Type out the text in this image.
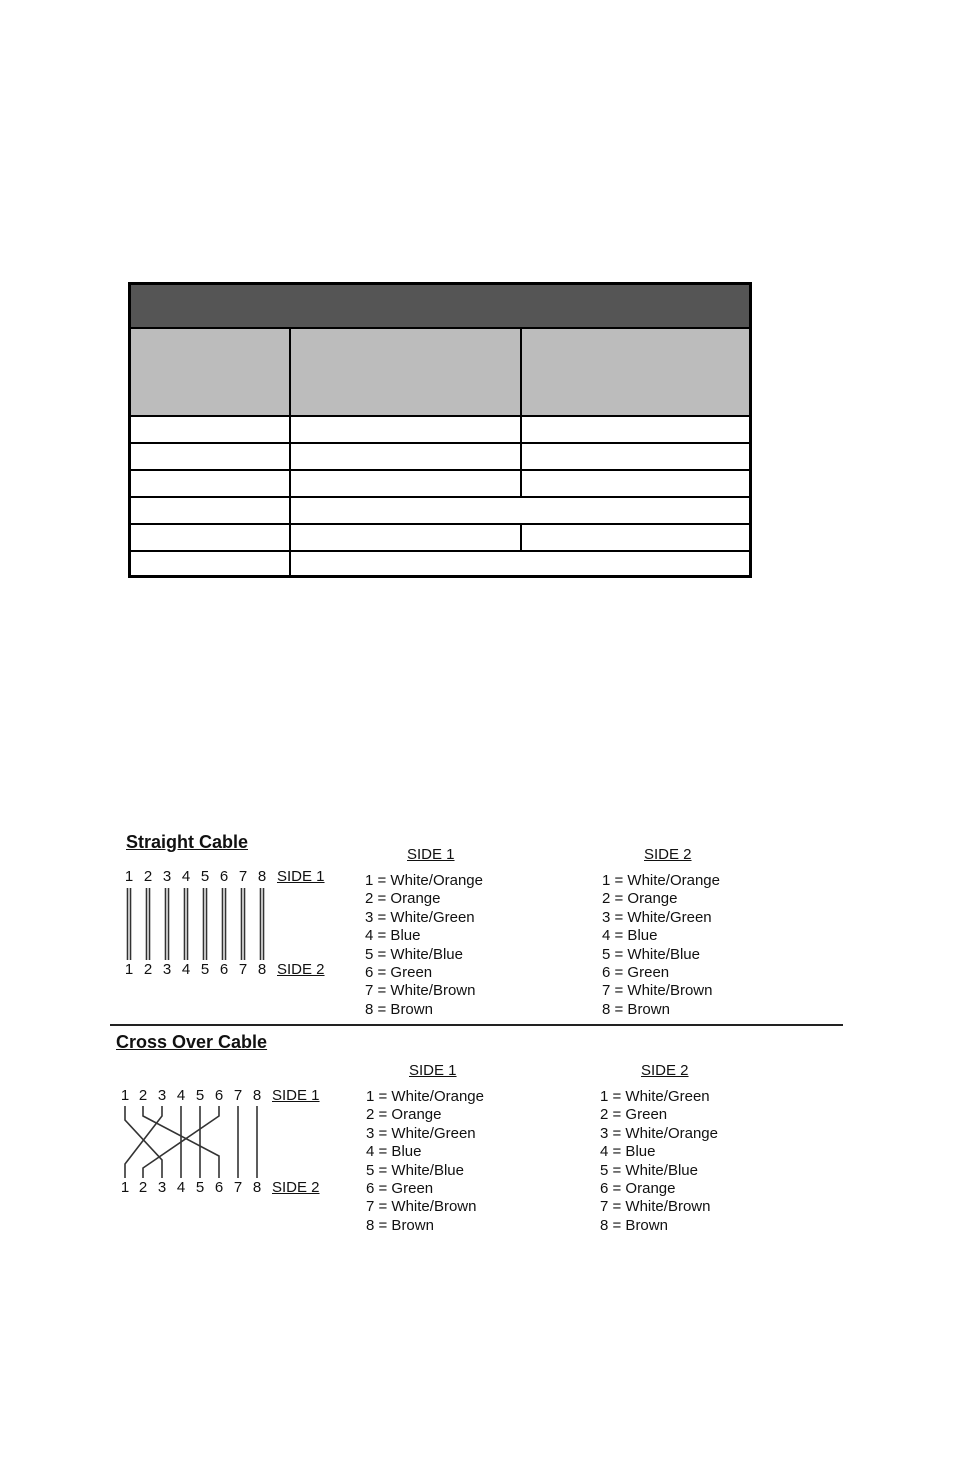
Straight Cable
1 2 3 4 5 6 7 8
1 2 3 4 5 6 7 8
SIDE 1
SIDE 2
SIDE 1
1 = White/Orange
2 = Orange
3 = White/Green
4 = Blue
5 = White/Blue
6 = Green
7 = White/Brown
8 = Brown
SIDE 2
1 = White/Orange
2 = Orange
3 = White/Green
4 = Blue
5 = White/Blue
6 = Green
7 = White/Brown
8 = Brown
Cross Over Cable
1 2 3 4 5 6 7 8
1 2 3 4 5 6 7 8
SIDE 1
SIDE 2
SIDE 1
1 = White/Orange
2 = Orange
3 = White/Green
4 = Blue
5 = White/Blue
6 = Green
7 = White/Brown
8 = Brown
SIDE 2
1 = White/Green
2 = Green
3 = White/Orange
4 = Blue
5 = White/Blue
6 = Orange
7 = White/Brown
8 = Brown
